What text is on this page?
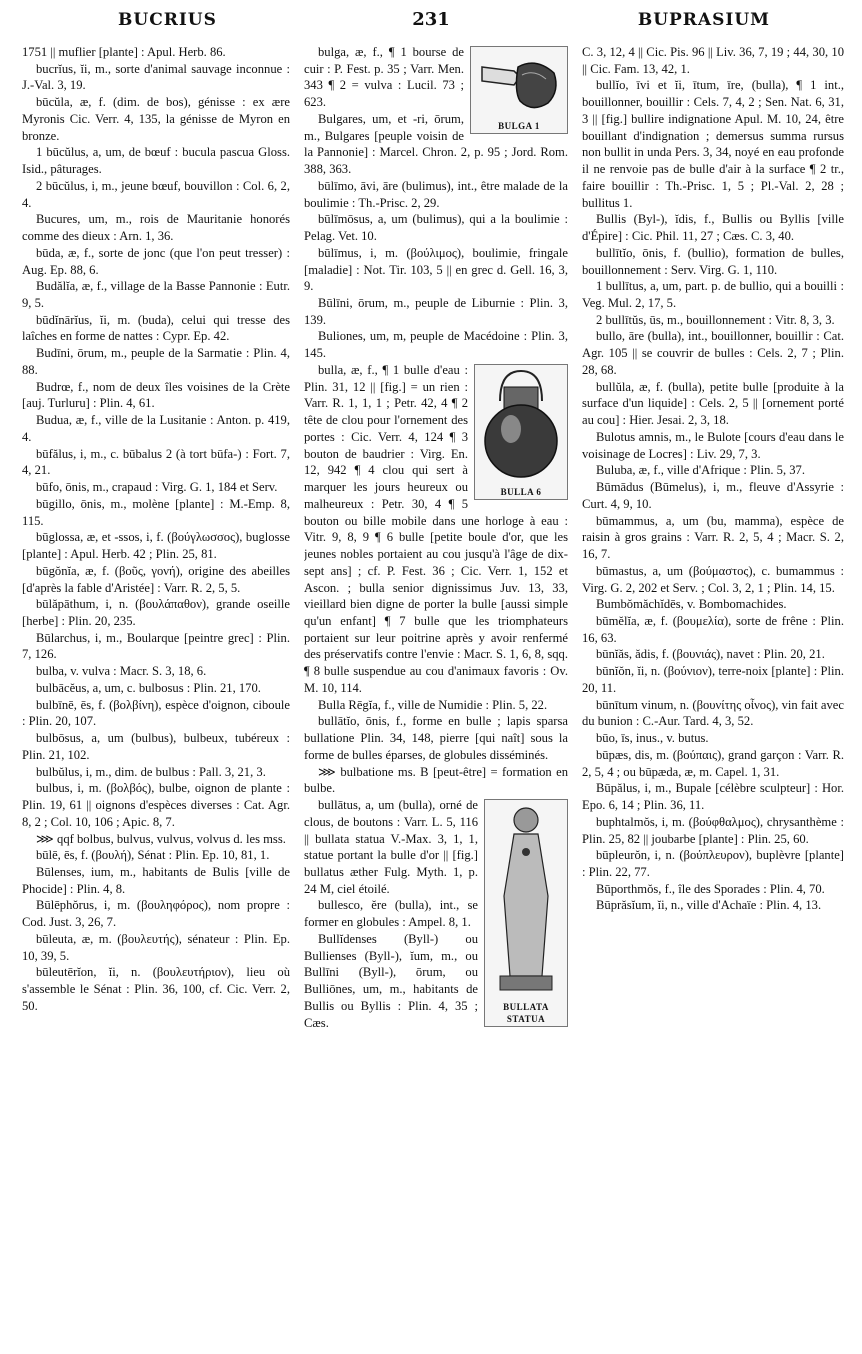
BUCRIUS	231	BUPRASIUM

1751 || muflier [plante] : Apul. Herb. 86.

bucrĭus, ĭi, m., sorte d'animal sauvage inconnue : J.-Val. 3, 19.

būcŭla, æ, f. (dim. de bos), génisse : ex ære Myronis Cic. Verr. 4, 135, la génisse de Myron en bronze.

1 būcŭlus, a, um, de bœuf : bucula pascua Gloss. Isid., pâturages.

2 būcŭlus, i, m., jeune bœuf, bouvillon : Col. 6, 2, 4.

Bucures, um, m., rois de Mauritanie honorés comme des dieux : Arn. 1, 36.

būda, æ, f., sorte de jonc (que l'on peut tresser) : Aug. Ep. 88, 6.

Budălĭa, æ, f., village de la Basse Pannonie : Eutr. 9, 5.

būdĭnārĭus, ĭi, m. (buda), celui qui tresse des laîches en forme de nattes : Cypr. Ep. 42.

Budīni, ōrum, m., peuple de la Sarmatie : Plin. 4, 88.

Budrœ, f., nom de deux îles voisines de la Crète [auj. Turluru] : Plin. 4, 61.

Budua, æ, f., ville de la Lusitanie : Anton. p. 419, 4.

būfălus, i, m., c. būbalus 2 (à tort būfa-) : Fort. 7, 4, 21.

būfo, ōnis, m., crapaud : Virg. G. 1, 184 et Serv.

būgillo, ōnis, m., molène [plante] : M.-Emp. 8, 115.

būglossa, æ, et -ssos, i, f. (βούγλωσσος), buglosse [plante] : Apul. Herb. 42 ; Plin. 25, 81.

būgŏnĭa, æ, f. (βοῦς, γονή), origine des abeilles [d'après la fable d'Aristée] : Varr. R. 2, 5, 5.

būlăpāthum, i, n. (βουλάπαθον), grande oseille [herbe] : Plin. 20, 235.

Būlarchus, i, m., Boularque [peintre grec] : Plin. 7, 126.

bulba, v. vulva : Macr. S. 3, 18, 6.

bulbācĕus, a, um, c. bulbosus : Plin. 21, 170.

bulbīnē, ēs, f. (βολβίνη), espèce d'oignon, ciboule : Plin. 20, 107.

bulbōsus, a, um (bulbus), bulbeux, tubéreux : Plin. 21, 102.

bulbŭlus, i, m., dim. de bulbus : Pall. 3, 21, 3.

bulbus, i, m. (βολβός), bulbe, oignon de plante : Plin. 19, 61 || oignons d'espèces diverses : Cat. Agr. 8, 2 ; Col. 10, 106 ; Apic. 8, 7.

⋙ qqf bolbus, bulvus, vulvus, volvus d. les mss.

būlē, ēs, f. (βουλή), Sénat : Plin. Ep. 10, 81, 1.

Būlenses, ium, m., habitants de Bulis [ville de Phocide] : Plin. 4, 8.

Būlēphŏrus, i, m. (βουληφόρος), nom propre : Cod. Just. 3, 26, 7.

būleuta, æ, m. (βουλευτής), sénateur : Plin. Ep. 10, 39, 5.

būleutērĭon, ĭi, n. (βουλευτήριον), lieu où s'assemble le Sénat : Plin. 36, 100, cf. Cic. Verr. 2, 50.

BULGA 1

bulga, æ, f., ¶ 1 bourse de cuir : P. Fest. p. 35 ; Varr. Men. 343 ¶ 2 = vulva : Lucil. 73 ; 623.

Bulgares, um, et -ri, ōrum, m., Bulgares [peuple voisin de la Pannonie] : Marcel. Chron. 2, p. 95 ; Jord. Rom. 388, 363.

būlīmo, āvi, āre (bulimus), int., être malade de la boulimie : Th.-Prisc. 2, 29.

būlīmōsus, a, um (bulimus), qui a la boulimie : Pelag. Vet. 10.

būlīmus, i, m. (βούλιμος), boulimie, fringale [maladie] : Not. Tir. 103, 5 || en grec d. Gell. 16, 3, 9.

Būlīni, ōrum, m., peuple de Liburnie : Plin. 3, 139.

Buliones, um, m, peuple de Macédoine : Plin. 3, 145.

BULLA 6

bulla, æ, f., ¶ 1 bulle d'eau : Plin. 31, 12 || [fig.] = un rien : Varr. R. 1, 1, 1 ; Petr. 42, 4 ¶ 2 tête de clou pour l'ornement des portes : Cic. Verr. 4, 124 ¶ 3 bouton de baudrier : Virg. En. 12, 942 ¶ 4 clou qui sert à marquer les jours heureux ou malheureux : Petr. 30, 4 ¶ 5 bouton ou bille mobile dans une horloge à eau : Vitr. 9, 8, 9 ¶ 6 bulle [petite boule d'or, que les jeunes nobles portaient au cou jusqu'à l'âge de dix-sept ans] ; cf. P. Fest. 36 ; Cic. Verr. 1, 152 et Ascon. ; bulla senior dignissimus Juv. 13, 33, vieillard bien digne de porter la bulle [aussi simple qu'un enfant] ¶ 7 bulle que les triomphateurs portaient sur leur poitrine après y avoir renfermé des préservatifs contre l'envie : Macr. S. 1, 6, 8, sqq. ¶ 8 bulle suspendue au cou d'animaux favoris : Ov. M. 10, 114.

Bulla Rēgĭa, f., ville de Numidie : Plin. 5, 22.

bullātĭo, ōnis, f., forme en bulle ; lapis sparsa bullatione Plin. 34, 148, pierre [qui naît] sous la forme de bulles éparses, de globules disséminés.

⋙ bulbatione ms. B [peut-être] = formation en bulbe.

BULLATA STATUA

bullātus, a, um (bulla), orné de clous, de boutons : Varr. L. 5, 116 || bullata statua V.-Max. 3, 1, 1, statue portant la bulle d'or || [fig.] bullatus æther Fulg. Myth. 1, p. 24 M, ciel étoilé.

bullesco, ĕre (bulla), int., se former en globules : Ampel. 8, 1.

Bullĭdenses (Byll-) ou Bullienses (Byll-), ĭum, m., ou Bullīni (Byll-), ōrum, ou Bulliōnes, um, m., habitants de Bullis ou Byllis : Plin. 4, 35 ; Cæs.

C. 3, 12, 4 || Cic. Pis. 96 || Liv. 36, 7, 19 ; 44, 30, 10 || Cic. Fam. 13, 42, 1.

bullĭo, īvi et ĭi, ītum, īre, (bulla), ¶ 1 int., bouillonner, bouillir : Cels. 7, 4, 2 ; Sen. Nat. 6, 31, 3 || [fig.] bullire indignatione Apul. M. 10, 24, être bouillant d'indignation ; demersus summa rursus non bullit in unda Pers. 3, 34, noyé en eau profonde il ne renvoie pas de bulle d'air à la surface ¶ 2 tr., faire bouillir : Th.-Prisc. 1, 5 ; Pl.-Val. 2, 28 ; bullitus 1.

Bullis (Byl-), ĭdis, f., Bullis ou Byllis [ville d'Épire] : Cic. Phil. 11, 27 ; Cæs. C. 3, 40.

bullītĭo, ōnis, f. (bullio), formation de bulles, bouillonnement : Serv. Virg. G. 1, 110.

1 bullītus, a, um, part. p. de bullio, qui a bouilli : Veg. Mul. 2, 17, 5.

2 bullītŭs, ūs, m., bouillonnement : Vitr. 8, 3, 3.

bullo, āre (bulla), int., bouillonner, bouillir : Cat. Agr. 105 || se couvrir de bulles : Cels. 2, 7 ; Plin. 28, 68.

bullŭla, æ, f. (bulla), petite bulle [produite à la surface d'un liquide] : Cels. 2, 5 || [ornement porté au cou] : Hier. Jesai. 2, 3, 18.

Bulotus amnis, m., le Bulote [cours d'eau dans le voisinage de Locres] : Liv. 29, 7, 3.

Buluba, æ, f., ville d'Afrique : Plin. 5, 37.

Būmādus (Būmelus), i, m., fleuve d'Assyrie : Curt. 4, 9, 10.

būmammus, a, um (bu, mamma), espèce de raisin à gros grains : Varr. R. 2, 5, 4 ; Macr. S. 2, 16, 7.

būmastus, a, um (βούμαστος), c. bumammus : Virg. G. 2, 202 et Serv. ; Col. 3, 2, 1 ; Plin. 14, 15.

Bumbŏmăchĭdēs, v. Bombomachides.

būmĕlĭa, æ, f. (βουμελία), sorte de frêne : Plin. 16, 63.

būnĭăs, ădis, f. (βουνιάς), navet : Plin. 20, 21.

būnĭŏn, ĭi, n. (βούνιον), terre-noix [plante] : Plin. 20, 11.

būnītum vinum, n. (βουνίτης οἶνος), vin fait avec du bunion : C.-Aur. Tard. 4, 3, 52.

būo, īs, inus., v. butus.

būpæs, dis, m. (βούπαις), grand garçon : Varr. R. 2, 5, 4 ; ou būpæda, æ, m. Capel. 1, 31.

Būpălus, i, m., Bupale [célèbre sculpteur] : Hor. Epo. 6, 14 ; Plin. 36, 11.

buphtalmŏs, i, m. (βούφθαλμος), chrysanthème : Plin. 25, 82 || joubarbe [plante] : Plin. 25, 60.

būpleurŏn, i, n. (βούπλευρον), buplèvre [plante] : Plin. 22, 77.

Būporthmŏs, f., île des Sporades : Plin. 4, 70.

Būprăsĭum, ĭi, n., ville d'Achaïe : Plin. 4, 13.
